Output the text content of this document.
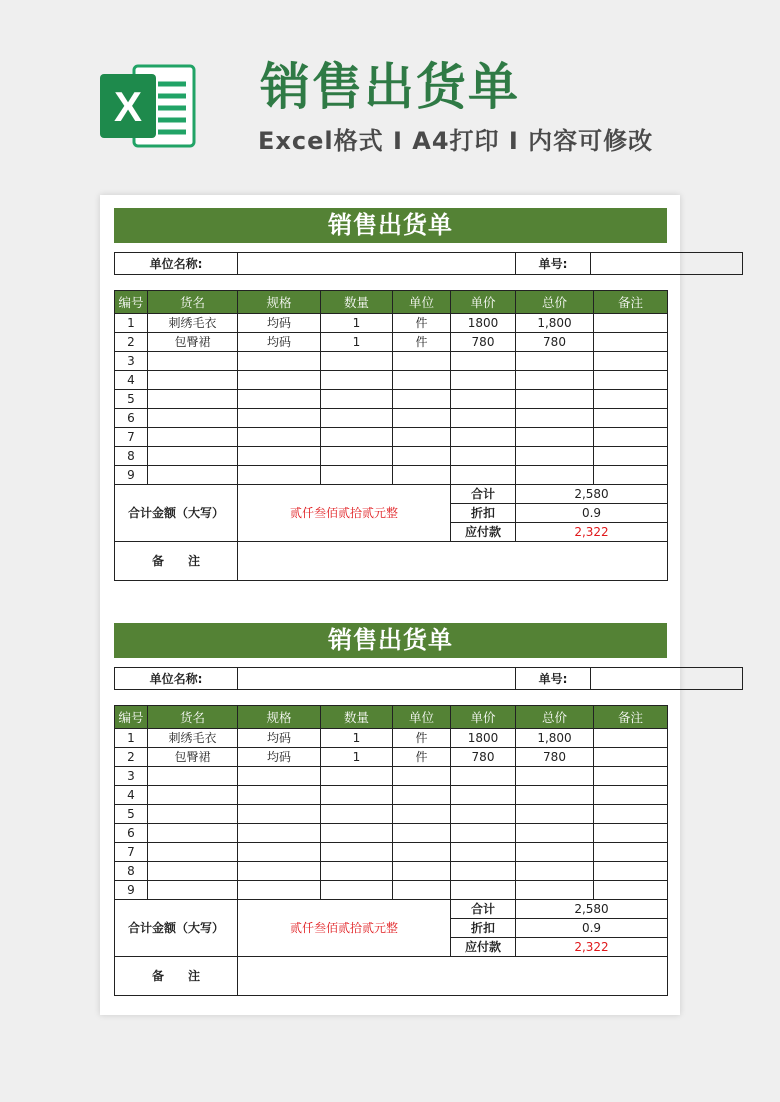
X 销售出货单
Excel格式 I A4打印 I 内容可修改
销售出货单
单位名称:		单号:	
编号	货名	规格	数量	单位	单价	总价	备注
1	刺绣毛衣	均码	1	件	1800	1,800	
2	包臀裙	均码	1	件	780	780	
3							
4							
5							
6							
7							
8							
9							
合计金额（大写）		贰仟叁佰贰拾贰元整			合计	2,580	
					折扣	0.9	
					应付款	2,322	
备　　注							
销售出货单
单位名称:		单号:	
编号	货名	规格	数量	单位	单价	总价	备注
1	刺绣毛衣	均码	1	件	1800	1,800	
2	包臀裙	均码	1	件	780	780	
3							
4							
5							
6							
7							
8							
9							
合计金额（大写）		贰仟叁佰贰拾贰元整			合计	2,580	
					折扣	0.9	
					应付款	2,322	
备　　注							
